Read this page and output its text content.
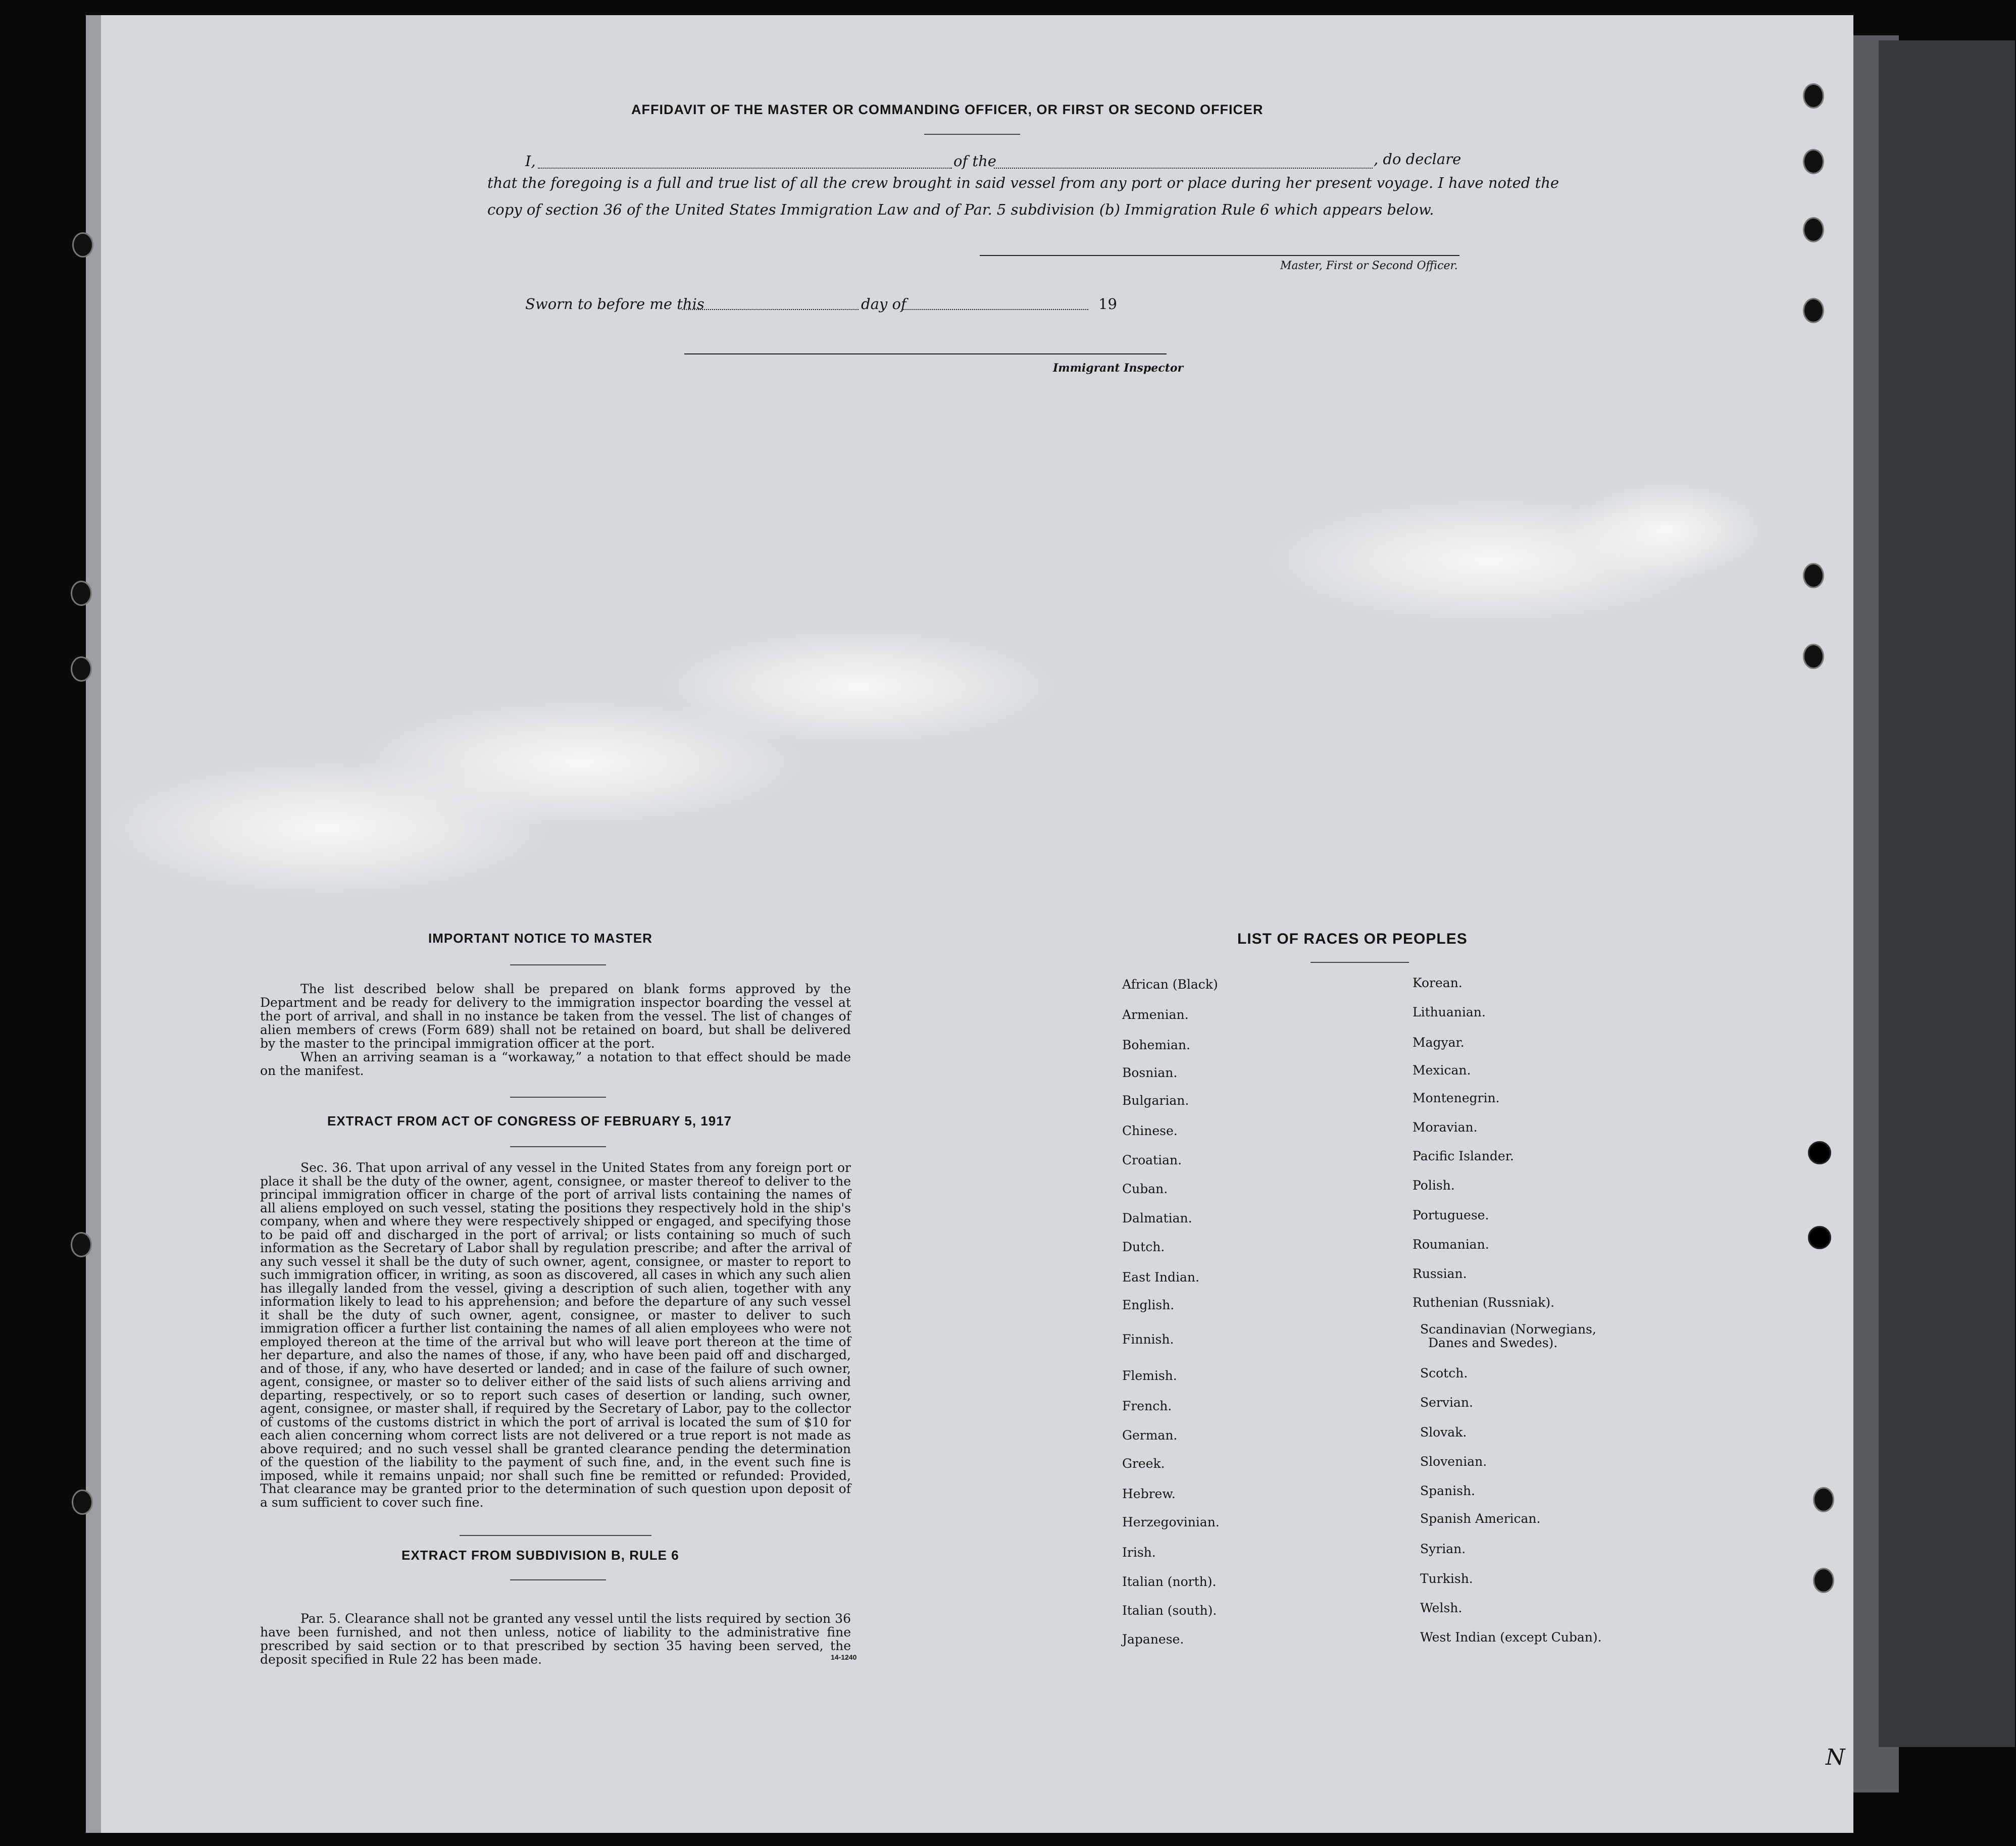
AFFIDAVIT OF THE MASTER OR COMMANDING OFFICER, OR FIRST OR SECOND OFFICER
I,	of the	, do declare
that the foregoing is a full and true list of all the crew brought in said vessel from any port or place during her present voyage. I have noted the
copy of section 36 of the United States Immigration Law and of Par. 5 subdivision (b) Immigration Rule 6 which appears below.
Master, First or Second Officer.
Sworn to before me this	day of	19
Immigrant Inspector
IMPORTANT NOTICE TO MASTER
The list described below shall be prepared on blank forms approved by the Department and be ready for delivery to the immigration inspector boarding the vessel at the port of arrival, and shall in no instance be taken from the vessel. The list of changes of alien members of crews (Form 689) shall not be retained on board, but shall be delivered by the master to the principal immigration officer at the port.
When an arriving seaman is a “workaway,” a notation to that effect should be made on the manifest.
EXTRACT FROM ACT OF CONGRESS OF FEBRUARY 5, 1917
Sec. 36. That upon arrival of any vessel in the United States from any foreign port or place it shall be the duty of the owner, agent, consignee, or master thereof to deliver to the principal immigration officer in charge of the port of arrival lists containing the names of all aliens employed on such vessel, stating the positions they respectively hold in the ship's company, when and where they were respectively shipped or engaged, and specifying those to be paid off and discharged in the port of arrival; or lists containing so much of such information as the Secretary of Labor shall by regulation prescribe; and after the arrival of any such vessel it shall be the duty of such owner, agent, consignee, or master to report to such immigration officer, in writing, as soon as discovered, all cases in which any such alien has illegally landed from the vessel, giving a description of such alien, together with any information likely to lead to his apprehension; and before the departure of any such vessel it shall be the duty of such owner, agent, consignee, or master to deliver to such immigration officer a further list containing the names of all alien employees who were not employed thereon at the time of the arrival but who will leave port thereon at the time of her departure, and also the names of those, if any, who have been paid off and discharged, and of those, if any, who have deserted or landed; and in case of the failure of such owner, agent, consignee, or master so to deliver either of the said lists of such aliens arriving and departing, respectively, or so to report such cases of desertion or landing, such owner, agent, consignee, or master shall, if required by the Secretary of Labor, pay to the collector of customs of the customs district in which the port of arrival is located the sum of $10 for each alien concerning whom correct lists are not delivered or a true report is not made as above required; and no such vessel shall be granted clearance pending the determination of the question of the liability to the payment of such fine, and, in the event such fine is imposed, while it remains unpaid; nor shall such fine be remitted or refunded: Provided, That clearance may be granted prior to the determination of such question upon deposit of a sum sufficient to cover such fine.
EXTRACT FROM SUBDIVISION B, RULE 6
Par. 5. Clearance shall not be granted any vessel until the lists required by section 36 have been furnished, and not then unless, notice of liability to the administrative fine prescribed by said section or to that prescribed by section 35 having been served, the deposit specified in Rule 22 has been made.	14-1240
LIST OF RACES OR PEOPLES
African (Black)
Armenian.
Bohemian.
Bosnian.
Bulgarian.
Chinese.
Croatian.
Cuban.
Dalmatian.
Dutch.
East Indian.
English.
Finnish.
Flemish.
French.
German.
Greek.
Hebrew.
Herzegovinian.
Irish.
Italian (north).
Italian (south).
Japanese.
Korean.
Lithuanian.
Magyar.
Mexican.
Montenegrin.
Moravian.
Pacific Islander.
Polish.
Portuguese.
Roumanian.
Russian.
Ruthenian (Russniak).
Scandinavian (Norwegians,
Danes and Swedes).
Scotch.
Servian.
Slovak.
Slovenian.
Spanish.
Spanish American.
Syrian.
Turkish.
Welsh.
West Indian (except Cuban).
N
